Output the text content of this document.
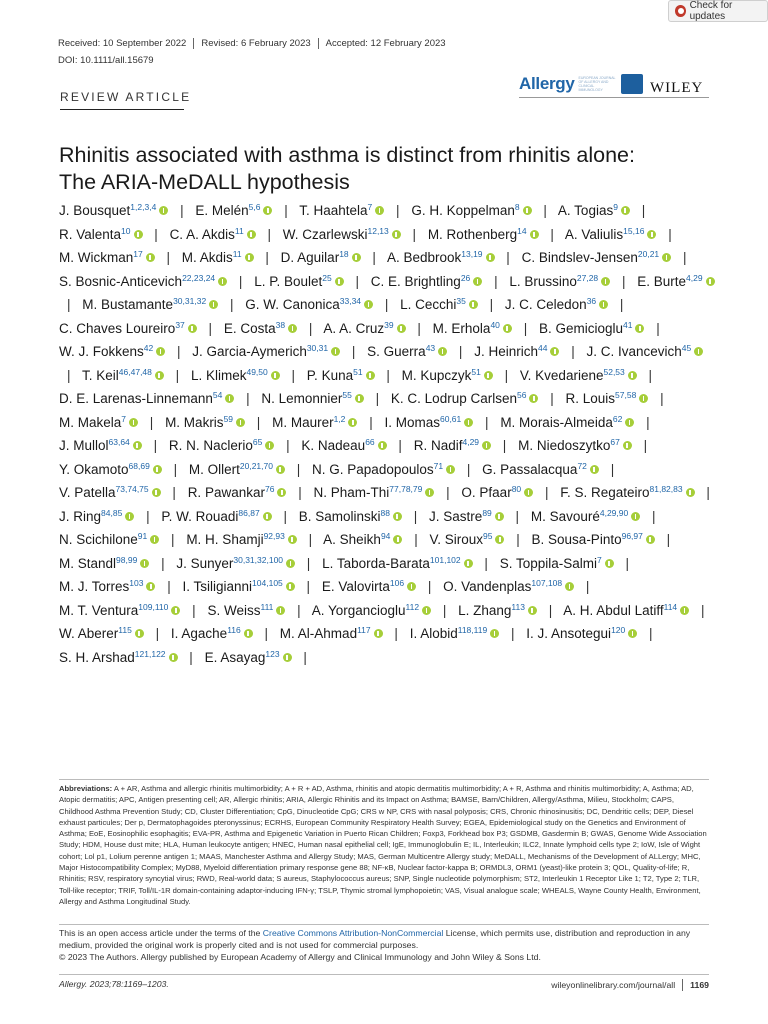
Check for updates
Received: 10 September 2022 Revised: 6 February 2023 Accepted: 12 February 2023
DOI: 10.1111/all.15679
Allergy EUROPEAN JOURNAL OF ALLERGY AND CLINICAL IMMUNOLOGY	WILEY
REVIEW ARTICLE
Rhinitis associated with asthma is distinct from rhinitis alone:
The ARIA-MeDALL hypothesis
J. Bousquet$^{1,2,3,4}$ | E. Melén$^{5,6}$ | T. Haahtela$^7$ | G. H. Koppelman$^8$ | A. Togias$^9$ | R. Valenta$^{10}$ | C. A. Akdis$^{11}$ | W. Czarlewski$^{12,13}$ | M. Rothenberg$^{14}$ | A. Valiulis$^{15,16}$ | M. Wickman$^{17}$ | M. Akdis$^{11}$ | D. Aguilar$^{18}$ | A. Bedbrook$^{13,19}$ | C. Bindslev-Jensen$^{20,21}$ | S. Bosnic-Anticevich$^{22,23,24}$ | L. P. Boulet$^{25}$ | C. E. Brightling$^{26}$ | L. Brussino$^{27,28}$ | E. Burte$^{4,29}$ | M. Bustamante$^{30,31,32}$ | G. W. Canonica$^{33,34}$ | L. Cecchi$^{35}$ | J. C. Celedon$^{36}$ | C. Chaves Loureiro$^{37}$ | E. Costa$^{38}$ | A. A. Cruz$^{39}$ | M. Erhola$^{40}$ | B. Gemicioglu$^{41}$ | W. J. Fokkens$^{42}$ | J. Garcia-Aymerich$^{30,31}$ | S. Guerra$^{43}$ | J. Heinrich$^{44}$ | J. C. Ivancevich$^{45}$ | T. Keil$^{46,47,48}$ | L. Klimek$^{49,50}$ | P. Kuna$^{51}$ | M. Kupczyk$^{51}$ | V. Kvedariene$^{52,53}$ | D. E. Larenas-Linnemann$^{54}$ | N. Lemonnier$^{55}$ | K. C. Lodrup Carlsen$^{56}$ | R. Louis$^{57,58}$ | M. Makela$^7$ | M. Makris$^{59}$ | M. Maurer$^{1,2}$ | I. Momas$^{60,61}$ | M. Morais-Almeida$^{62}$ | J. Mullol$^{63,64}$ | R. N. Naclerio$^{65}$ | K. Nadeau$^{66}$ | R. Nadif$^{4,29}$ | M. Niedoszytko$^{67}$ | Y. Okamoto$^{68,69}$ | M. Ollert$^{20,21,70}$ | N. G. Papadopoulos$^{71}$ | G. Passalacqua$^{72}$ | V. Patella$^{73,74,75}$ | R. Pawankar$^{76}$ | N. Pham-Thi$^{77,78,79}$ | O. Pfaar$^{80}$ | F. S. Regateiro$^{81,82,83}$ | J. Ring$^{84,85}$ | P. W. Rouadi$^{86,87}$ | B. Samolinski$^{88}$ | J. Sastre$^{89}$ | M. Savouré$^{4,29,90}$ | N. Scichilone$^{91}$ | M. H. Shamji$^{92,93}$ | A. Sheikh$^{94}$ | V. Siroux$^{95}$ | B. Sousa-Pinto$^{96,97}$ | M. Standl$^{98,99}$ | J. Sunyer$^{30,31,32,100}$ | L. Taborda-Barata$^{101,102}$ | S. Toppila-Salmi$^7$ | M. J. Torres$^{103}$ | I. Tsiligianni$^{104,105}$ | E. Valovirta$^{106}$ | O. Vandenplas$^{107,108}$ | M. T. Ventura$^{109,110}$ | S. Weiss$^{111}$ | A. Yorgancioglu$^{112}$ | L. Zhang$^{113}$ | A. H. Abdul Latiff$^{114}$ | W. Aberer$^{115}$ | I. Agache$^{116}$ | M. Al-Ahmad$^{117}$ | I. Alobid$^{118,119}$ | I. J. Ansotegui$^{120}$ | S. H. Arshad$^{121,122}$ | E. Asayag$^{123}$ |

Abbreviations: A + AR, Asthma and allergic rhinitis multimorbidity; A + R + AD, Asthma, rhinitis and atopic dermatitis multimorbidity; A + R, Asthma and rhinitis multimorbidity; A, Asthma; AD, Atopic dermatitis; APC, Antigen presenting cell; AR, Allergic rhinitis; ARIA, Allergic Rhinitis and its Impact on Asthma; BAMSE, Barn/Children, Allergy/Asthma, Milieu, Stockholm; CAPS, Childhood Asthma Prevention Study; CD, Cluster Differentiation; CpG, Dinucleotide CpG; CRS w NP, CRS with nasal polyposis; CRS, Chronic rhinosinusitis; DC, Dendritic cells; DEP, Diesel exhaust particules; Der p, Dermatophagoides pteronyssinus; ECRHS, European Community Respiratory Health Survey; EGEA, Epidemiological study on the Genetics and Environment of Asthma; EoE, Eosinophilic esophagitis; EVA-PR, Asthma and Epigenetic Variation in Puerto Rican Children; Foxp3, Forkhead box P3; GSDMB, Gasdermin B; GWAS, Genome Wide Association Study; HDM, House dust mite; HLA, Human leukocyte antigen; HNEC, Human nasal epithelial cell; IgE, Immunoglobulin E; IL, Interleukin; ILC2, Innate lymphoid cells type 2; IoW, Isle of Wight cohort; Lol p1, Lolium perenne antigen 1; MAAS, Manchester Asthma and Allergy Study; MAS, German Multicentre Allergy study; MeDALL, Mechanisms of the Development of ALLergy; MHC, Major Histocompatibility Complex; MyD88, Myeloid differentiation primary response gene 88; NF-κB, Nuclear factor-kappa B; ORMDL3, ORM1 (yeast)-like protein 3; QOL, Quality-of-life; R, Rhinitis; RSV, respiratory syncytial virus; RWD, Real-world data; S aureus, Staphylococcus aureus; SNP, Single nucleotide polymorphism; ST2, Interleukin 1 Receptor Like 1; T2, Type 2; TLR, Toll-like receptor; TRIF, Toll/IL-1R domain-containing adaptor-inducing IFN-γ; TSLP, Thymic stromal lymphopoietin; VAS, Visual analogue scale; WHEALS, Wayne County Health, Environment, Allergy and Asthma Longitudinal Study.

This is an open access article under the terms of the Creative Commons Attribution-NonCommercial License, which permits use, distribution and reproduction in any medium, provided the original work is properly cited and is not used for commercial purposes.
© 2023 The Authors. Allergy published by European Academy of Allergy and Clinical Immunology and John Wiley & Sons Ltd.

Allergy. 2023;78:1169–1203.	wileyonlinelibrary.com/journal/all 1169
